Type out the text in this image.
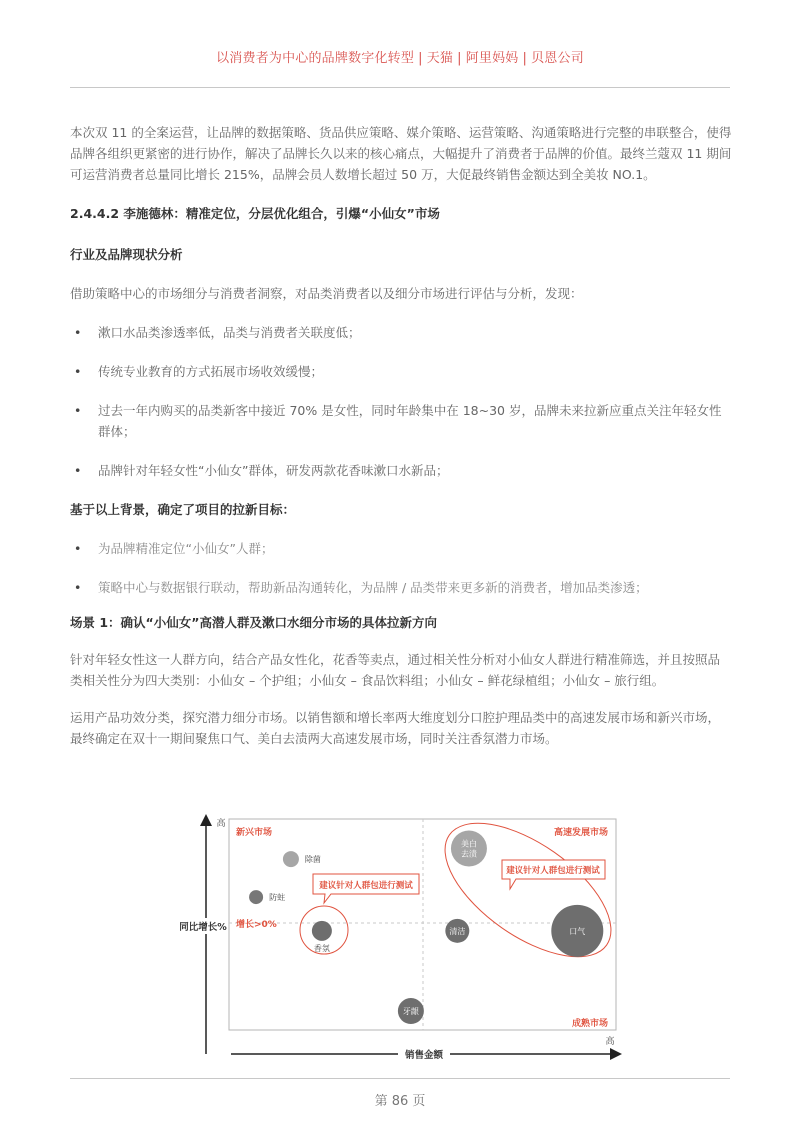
以消费者为中心的品牌数字化转型 | 天猫 | 阿里妈妈 | 贝恩公司

本次双 11 的全案运营，让品牌的数据策略、货品供应策略、媒介策略、运营策略、沟通策略进行完整的串联整合，使得品牌各组织更紧密的进行协作，解决了品牌长久以来的核心痛点，大幅提升了消费者于品牌的价值。最终兰蔻双 11 期间可运营消费者总量同比增长 215%，品牌会员人数增长超过 50 万，大促最终销售金额达到全美妆 NO.1。

2.4.4.2 李施德林：精准定位，分层优化组合，引爆“小仙女”市场

行业及品牌现状分析

借助策略中心的市场细分与消费者洞察，对品类消费者以及细分市场进行评估与分析，发现：

• 漱口水品类渗透率低，品类与消费者关联度低；
• 传统专业教育的方式拓展市场收效缓慢；
• 过去一年内购买的品类新客中接近 70% 是女性，同时年龄集中在 18~30 岁，品牌未来拉新应重点关注年轻女性群体；
• 品牌针对年轻女性“小仙女”群体，研发两款花香味漱口水新品；

基于以上背景，确定了项目的拉新目标：

• 为品牌精准定位“小仙女”人群；
• 策略中心与数据银行联动，帮助新品沟通转化，为品牌 / 品类带来更多新的消费者，增加品类渗透；

场景 1：确认“小仙女”高潜人群及漱口水细分市场的具体拉新方向

针对年轻女性这一人群方向，结合产品女性化，花香等卖点，通过相关性分析对小仙女人群进行精准筛选，并且按照品类相关性分为四大类别：小仙女 – 个护组；小仙女 – 食品饮料组；小仙女 – 鲜花绿植组；小仙女 – 旅行组。

运用产品功效分类，探究潜力细分市场。以销售额和增长率两大维度划分口腔护理品类中的高速发展市场和新兴市场，最终确定在双十一期间聚焦口气、美白去渍两大高速发展市场，同时关注香氛潜力市场。

同比增长%
高
新兴市场	高速发展市场
成熟市场
增长>0%
除菌
防蛀
香氛
美白
去渍
清洁	口气
牙龈
建议针对人群包进行测试
建议针对人群包进行测试
高
销售金额
第 86 页
